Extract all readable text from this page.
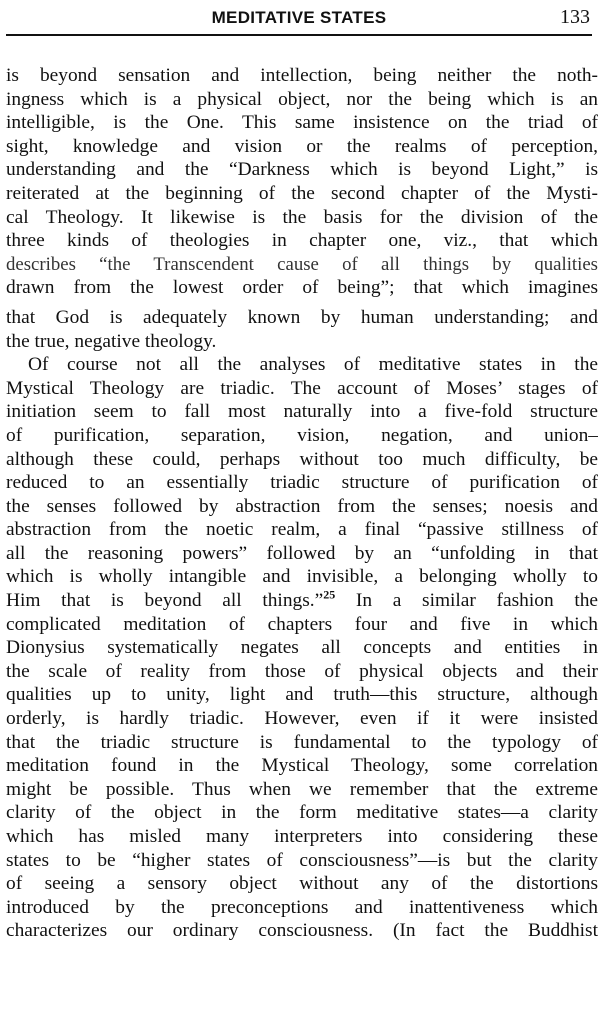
MEDITATIVE STATES	133
is beyond sensation and intellection, being neither the noth-
ingness which is a physical object, nor the being which is an
intelligible, is the One. This same insistence on the triad of
sight, knowledge and vision or the realms of perception,
understanding and the “Darkness which is beyond Light,” is
reiterated at the beginning of the second chapter of the Mysti-
cal Theology. It likewise is the basis for the division of the
three kinds of theologies in chapter one, viz., that which
describes “the Transcendent cause of all things by qualities
drawn from the lowest order of being”; that which imagines
that God is adequately known by human understanding; and
the true, negative theology.
Of course not all the analyses of meditative states in the
Mystical Theology are triadic. The account of Moses’ stages of
initiation seem to fall most naturally into a five-fold structure
of purification, separation, vision, negation, and union–
although these could, perhaps without too much difficulty, be
reduced to an essentially triadic structure of purification of
the senses followed by abstraction from the senses; noesis and
abstraction from the noetic realm, a final “passive stillness of
all the reasoning powers” followed by an “unfolding in that
which is wholly intangible and invisible, a belonging wholly to
Him that is beyond all things.”$^{25}$ In a similar fashion the
complicated meditation of chapters four and five in which
Dionysius systematically negates all concepts and entities in
the scale of reality from those of physical objects and their
qualities up to unity, light and truth—this structure, although
orderly, is hardly triadic. However, even if it were insisted
that the triadic structure is fundamental to the typology of
meditation found in the Mystical Theology, some correlation
might be possible. Thus when we remember that the extreme
clarity of the object in the form meditative states—a clarity
which has misled many interpreters into considering these
states to be “higher states of consciousness”—is but the clarity
of seeing a sensory object without any of the distortions
introduced by the preconceptions and inattentiveness which
characterizes our ordinary consciousness. (In fact the Buddhist
